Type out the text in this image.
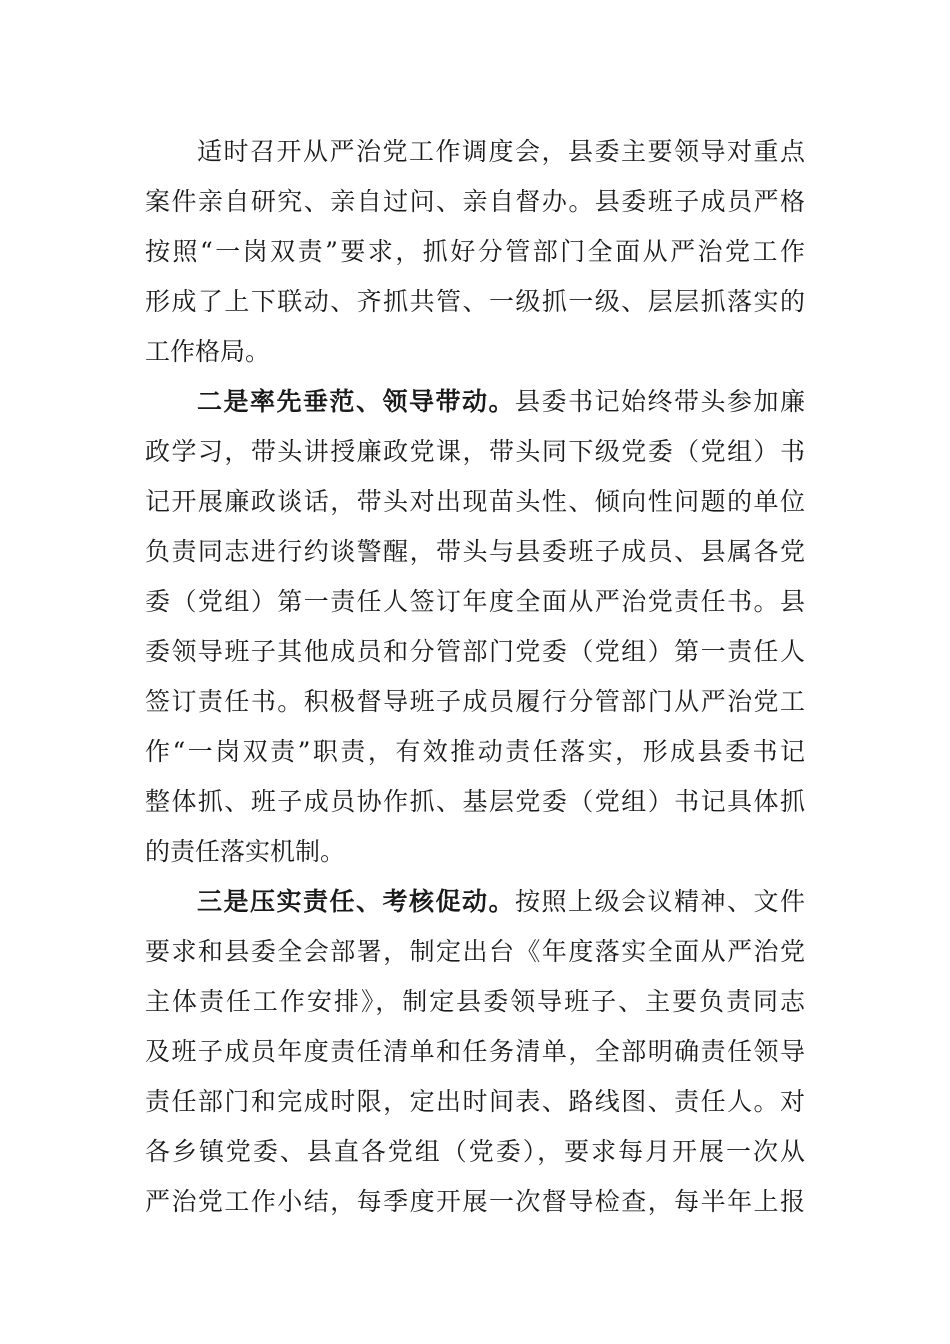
适时召开从严治党工作调度会，县委主要领导对重点
案件亲自研究、亲自过问、亲自督办。县委班子成员严格
按照“一岗双责”要求，抓好分管部门全面从严治党工作
形成了上下联动、齐抓共管、一级抓一级、层层抓落实的
工作格局。
二是率先垂范、领导带动。县委书记始终带头参加廉
政学习，带头讲授廉政党课，带头同下级党委（党组）书
记开展廉政谈话，带头对出现苗头性、倾向性问题的单位
负责同志进行约谈警醒，带头与县委班子成员、县属各党
委（党组）第一责任人签订年度全面从严治党责任书。县
委领导班子其他成员和分管部门党委（党组）第一责任人
签订责任书。积极督导班子成员履行分管部门从严治党工
作“一岗双责”职责，有效推动责任落实，形成县委书记
整体抓、班子成员协作抓、基层党委（党组）书记具体抓
的责任落实机制。
三是压实责任、考核促动。按照上级会议精神、文件
要求和县委全会部署，制定出台《年度落实全面从严治党
主体责任工作安排》，制定县委领导班子、主要负责同志
及班子成员年度责任清单和任务清单，全部明确责任领导
责任部门和完成时限，定出时间表、路线图、责任人。对
各乡镇党委、县直各党组（党委），要求每月开展一次从
严治党工作小结，每季度开展一次督导检查，每半年上报
